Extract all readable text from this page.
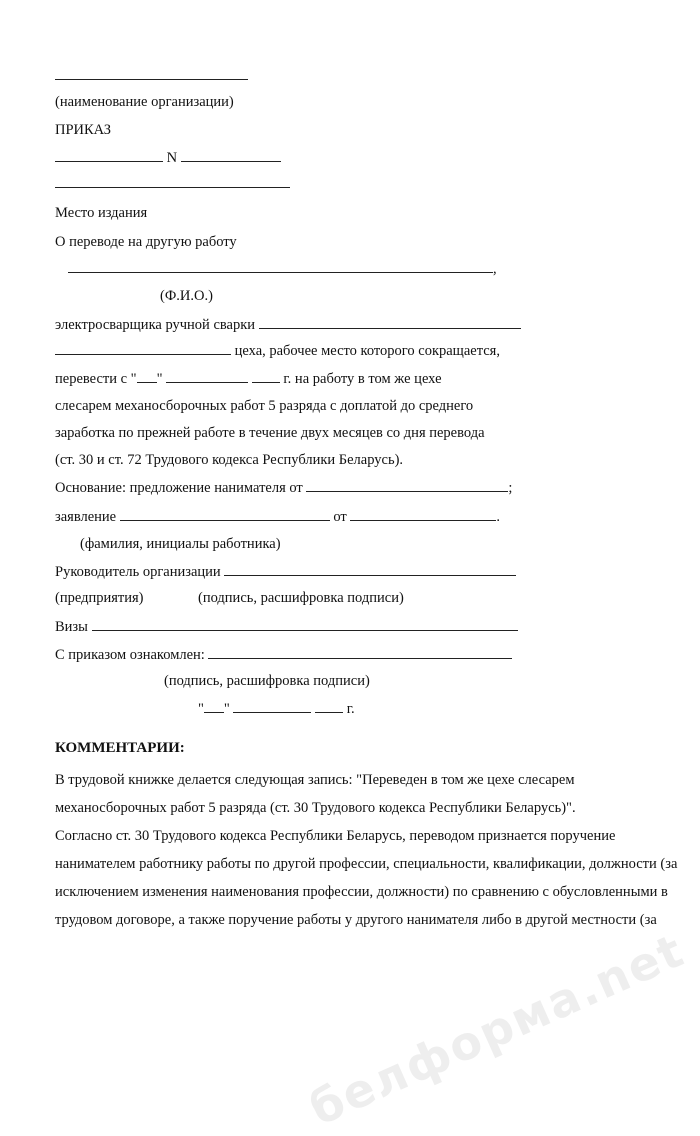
(наименование организации)
ПРИКАЗ
N
Место издания
О переводе на другую работу
,
(Ф.И.О.)
электросварщика ручной сварки
цеха, рабочее место которого сокращается,
перевести с " "	г. на работу в том же цехе
слесарем механосборочных работ 5 разряда с доплатой до среднего
заработка по прежней работе в течение двух месяцев со дня перевода
(ст. 30 и ст. 72 Трудового кодекса Республики Беларусь).
Основание: предложение нанимателя от	;
заявление	от	.
(фамилия, инициалы работника)
Руководитель организации
(предприятия)	(подпись, расшифровка подписи)
Визы
С приказом ознакомлен:
(подпись, расшифровка подписи)
" "	г.
КОММЕНТАРИИ:
В трудовой книжке делается следующая запись: "Переведен в том же цехе слесарем
механосборочных работ 5 разряда (ст. 30 Трудового кодекса Республики Беларусь)".
Согласно ст. 30 Трудового кодекса Республики Беларусь, переводом признается поручение
нанимателем работнику работы по другой профессии, специальности, квалификации, должности (за
исключением изменения наименования профессии, должности) по сравнению с обусловленными в
трудовом договоре, а также поручение работы у другого нанимателя либо в другой местности (за
белформа.net
